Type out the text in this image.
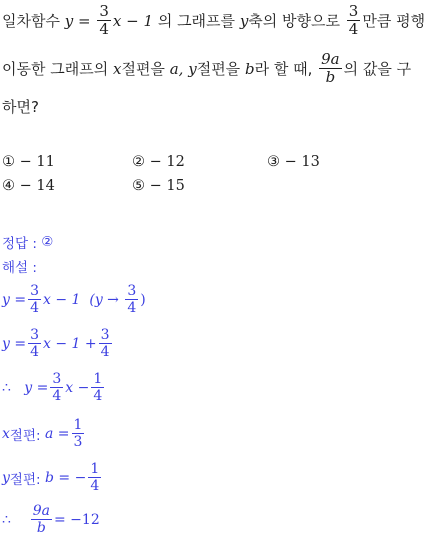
일차함수
y
=
$\frac{3}{4}$ x − 1
의 그래프를
y 축의 방향으로
$\frac{3}{4}$ 만큼 평행
이동한 그래프의
x 절편을
a,
y 절편을
b 라 할 때,
$\frac{9a}{b}$ 의 값을 구
하면?
① − 11	② − 12	③ − 13
④ − 14	⑤ − 15
정답 :
②
해설 :
$y = \frac{3}{4}$ x − 1
(y →
$\frac{3}{4}$ )
$y = \frac{3}{4}$ $x - 1 + \frac{3}{4}$
∴
$y = \frac{3}{4}$ $x - \frac{1}{4}$
x 절편:
$a = \frac{1}{3}$
y 절편:
b = − $\frac{1}{4}$
∴
$\frac{9a}{b} = -12$
